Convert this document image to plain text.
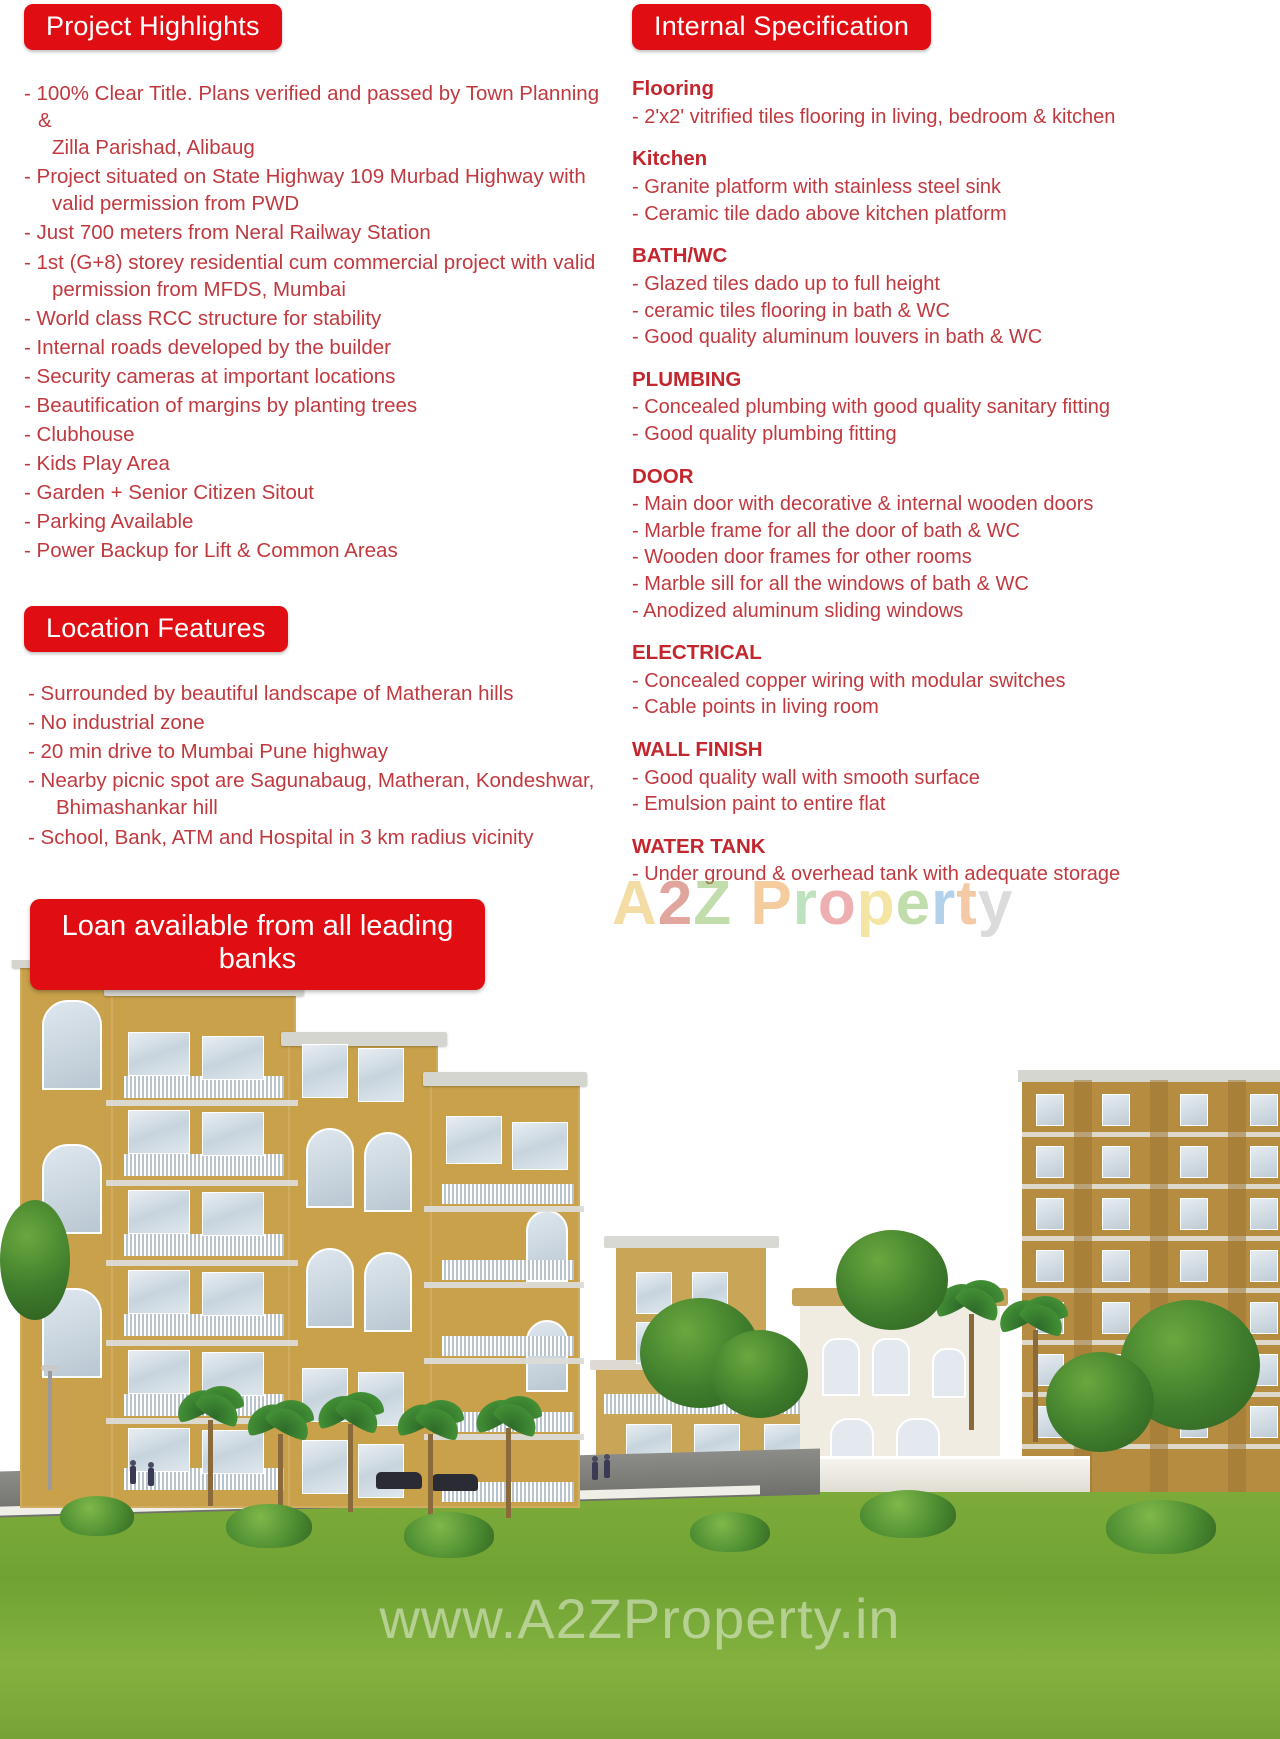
www.A2ZProperty.in
Project Highlights
- 100% Clear Title. Plans verified and passed by Town Planning &
Zilla Parishad, Alibaug
- Project situated on State Highway 109 Murbad Highway with
valid permission from PWD
- Just 700 meters from Neral Railway Station
- 1st (G+8) storey residential cum commercial project with valid
permission from MFDS, Mumbai
- World class RCC structure for stability
- Internal roads developed by the builder
- Security cameras at important locations
- Beautification of margins by planting trees
- Clubhouse
- Kids Play Area
- Garden + Senior Citizen Sitout
- Parking Available
- Power Backup for Lift & Common Areas
Location Features
- Surrounded by beautiful landscape of Matheran hills
- No industrial zone
- 20 min drive to Mumbai Pune highway
- Nearby picnic spot are Sagunabaug, Matheran, Kondeshwar,
Bhimashankar hill
- School, Bank, ATM and Hospital in 3 km radius vicinity
Loan available from all leading banks
Internal Specification
Flooring
- 2'x2' vitrified tiles flooring in living, bedroom & kitchen
Kitchen
- Granite platform with stainless steel sink
- Ceramic tile dado above kitchen platform
BATH/WC
- Glazed tiles dado up to full height
- ceramic tiles flooring in bath & WC
- Good quality aluminum louvers in bath & WC
PLUMBING
- Concealed plumbing with good quality sanitary fitting
- Good quality plumbing fitting
DOOR
- Main door with decorative & internal wooden doors
- Marble frame for all the door of bath & WC
- Wooden door frames for other rooms
- Marble sill for all the windows of bath & WC
- Anodized aluminum sliding windows
ELECTRICAL
- Concealed copper wiring with modular switches
- Cable points in living room
WALL FINISH
- Good quality wall with smooth surface
- Emulsion paint to entire flat
WATER TANK
- Under ground & overhead tank with adequate storage
A2Z Property
